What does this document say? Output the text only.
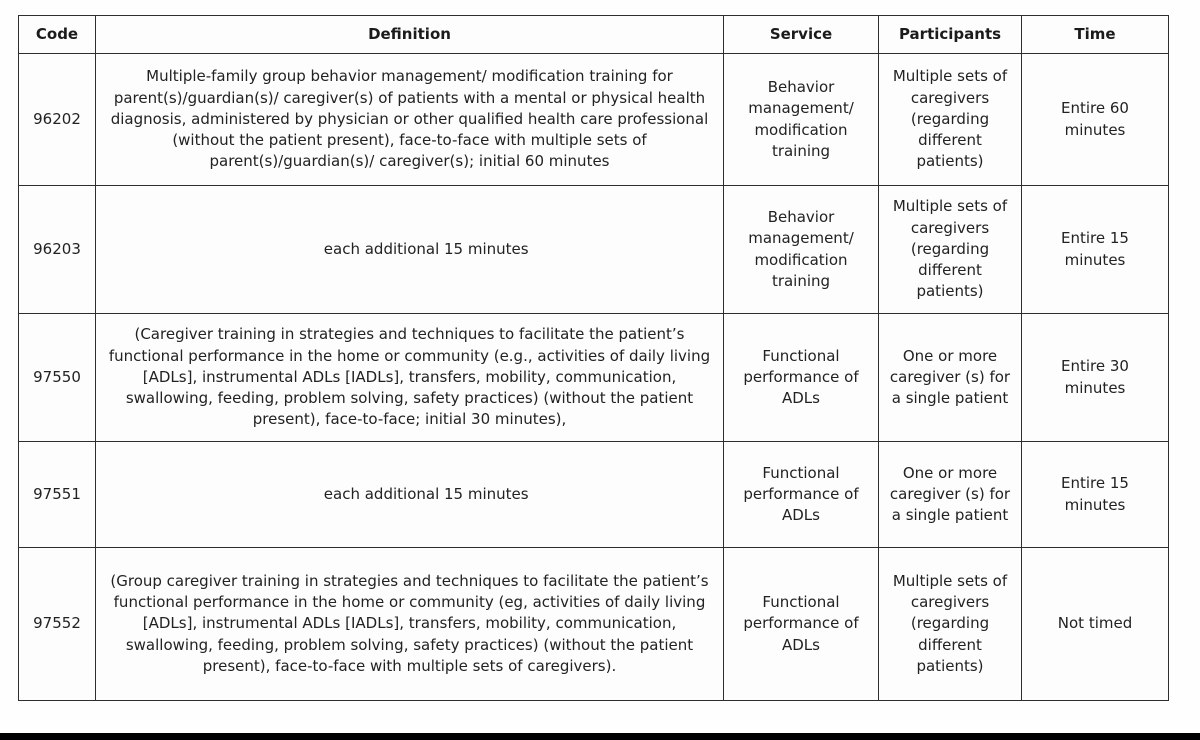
Code	Definition	Service	Participants	Time
96202	Multiple-family group behavior management/ modification training for parent(s)/guardian(s)/ caregiver(s) of patients with a mental or physical health diagnosis, administered by physician or other qualified health care professional (without the patient present), face-to-face with multiple sets of parent(s)/guardian(s)/ caregiver(s); initial 60 minutes	Behavior management/ modification training	Multiple sets of caregivers (regarding different patients)	Entire 60 minutes
96203	each additional 15 minutes	Behavior management/ modification training	Multiple sets of caregivers (regarding different patients)	Entire 15 minutes
97550	(Caregiver training in strategies and techniques to facilitate the patient’s functional performance in the home or community (e.g., activities of daily living [ADLs], instrumental ADLs [IADLs], transfers, mobility, communication, swallowing, feeding, problem solving, safety practices) (without the patient present), face-to-face; initial 30 minutes),	Functional performance of ADLs	One or more caregiver (s) for a single patient	Entire 30 minutes
97551	each additional 15 minutes	Functional performance of ADLs	One or more caregiver (s) for a single patient	Entire 15 minutes
97552	(Group caregiver training in strategies and techniques to facilitate the patient’s functional performance in the home or community (eg, activities of daily living [ADLs], instrumental ADLs [IADLs], transfers, mobility, communication, swallowing, feeding, problem solving, safety practices) (without the patient present), face-to-face with multiple sets of caregivers).	Functional performance of ADLs	Multiple sets of caregivers (regarding different patients)	Not timed
